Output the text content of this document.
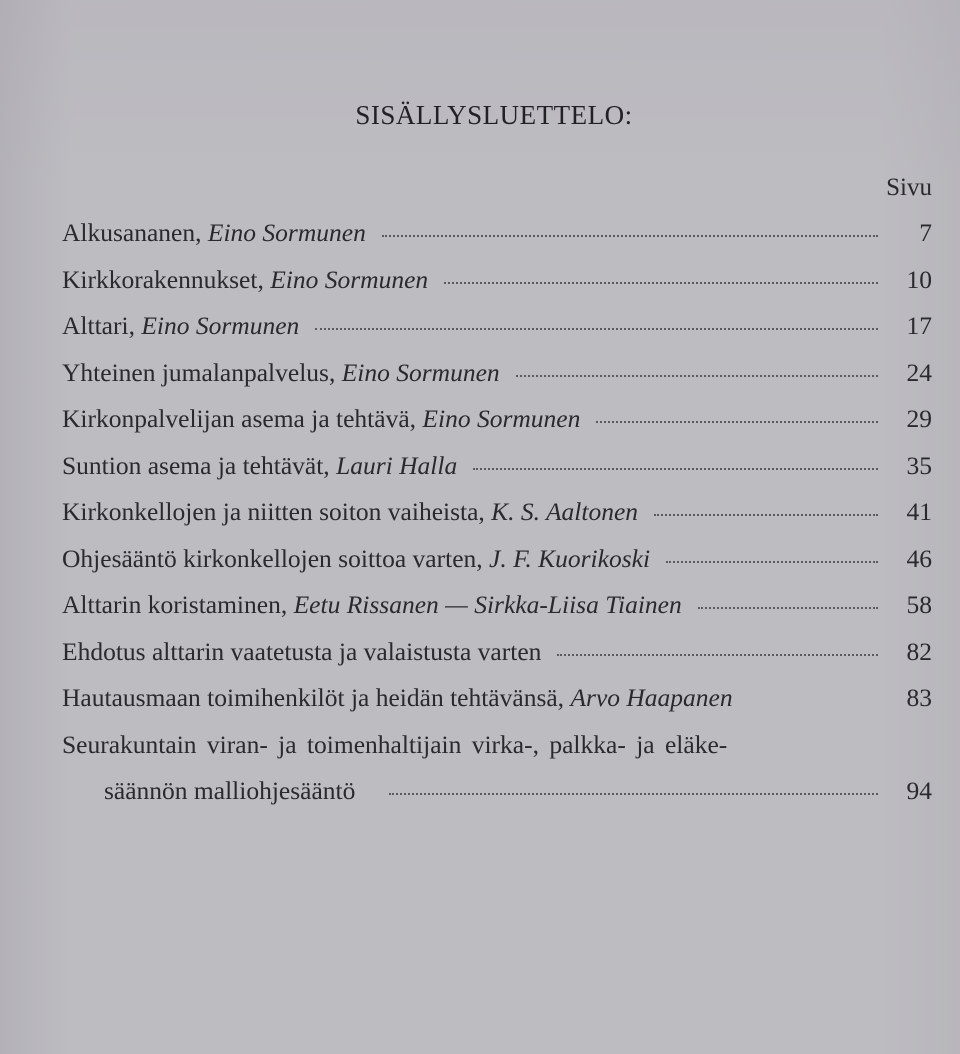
SISÄLLYSLUETTELO:
Sivu
Alkusananen, Eino Sormunen	7
Kirkkorakennukset, Eino Sormunen	10
Alttari, Eino Sormunen	17
Yhteinen jumalanpalvelus, Eino Sormunen	24
Kirkonpalvelijan asema ja tehtävä, Eino Sormunen	29
Suntion asema ja tehtävät, Lauri Halla	35
Kirkonkellojen ja niitten soiton vaiheista, K. S. Aaltonen	41
Ohjesääntö kirkonkellojen soittoa varten, J. F. Kuorikoski	46
Alttarin koristaminen, Eetu Rissanen — Sirkka-Liisa Tiainen	58
Ehdotus alttarin vaatetusta ja valaistusta varten	82
Hautausmaan toimihenkilöt ja heidän tehtävänsä, Arvo Haapanen	83
Seurakuntain viran- ja toimenhaltijain virka-, palkka- ja eläke-
säännön malliohjesääntö	94
